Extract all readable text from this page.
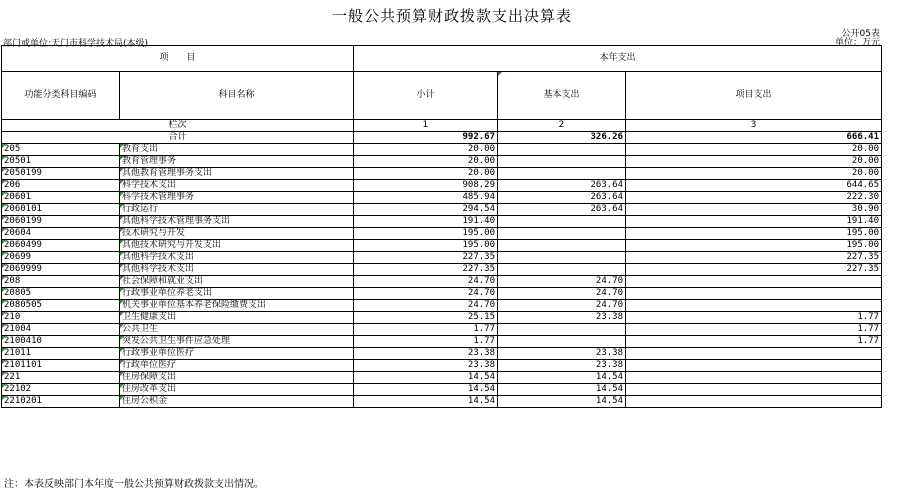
一般公共预算财政拨款支出决算表
公开05表
单位：万元
部门或单位:天门市科学技术局(本级)
项　　目		本年支出		
功能分类科目编码	科目名称	小计	基本支出	项目支出
栏次		1	2	3
合计		992.67	326.26	666.41

205	教育支出	20.00		20.00

20501	教育管理事务	20.00		20.00

2050199	其他教育管理事务支出	20.00		20.00

206	科学技术支出	908.29	263.64	644.65

20601	科学技术管理事务	485.94	263.64	222.30

2060101	行政运行	294.54	263.64	30.90

2060199	其他科学技术管理事务支出	191.40		191.40

20604	技术研究与开发	195.00		195.00

2060499	其他技术研究与开发支出	195.00		195.00

20699	其他科学技术支出	227.35		227.35

2069999	其他科学技术支出	227.35		227.35

208	社会保障和就业支出	24.70	24.70	

20805	行政事业单位养老支出	24.70	24.70	

2080505	机关事业单位基本养老保险缴费支出	24.70	24.70	

210	卫生健康支出	25.15	23.38	1.77

21004	公共卫生	1.77		1.77

2100410	突发公共卫生事件应急处理	1.77		1.77

21011	行政事业单位医疗	23.38	23.38	

2101101	行政单位医疗	23.38	23.38	

221	住房保障支出	14.54	14.54	

22102	住房改革支出	14.54	14.54	

2210201	住房公积金	14.54	14.54	
注：本表反映部门本年度一般公共预算财政拨款支出情况。
